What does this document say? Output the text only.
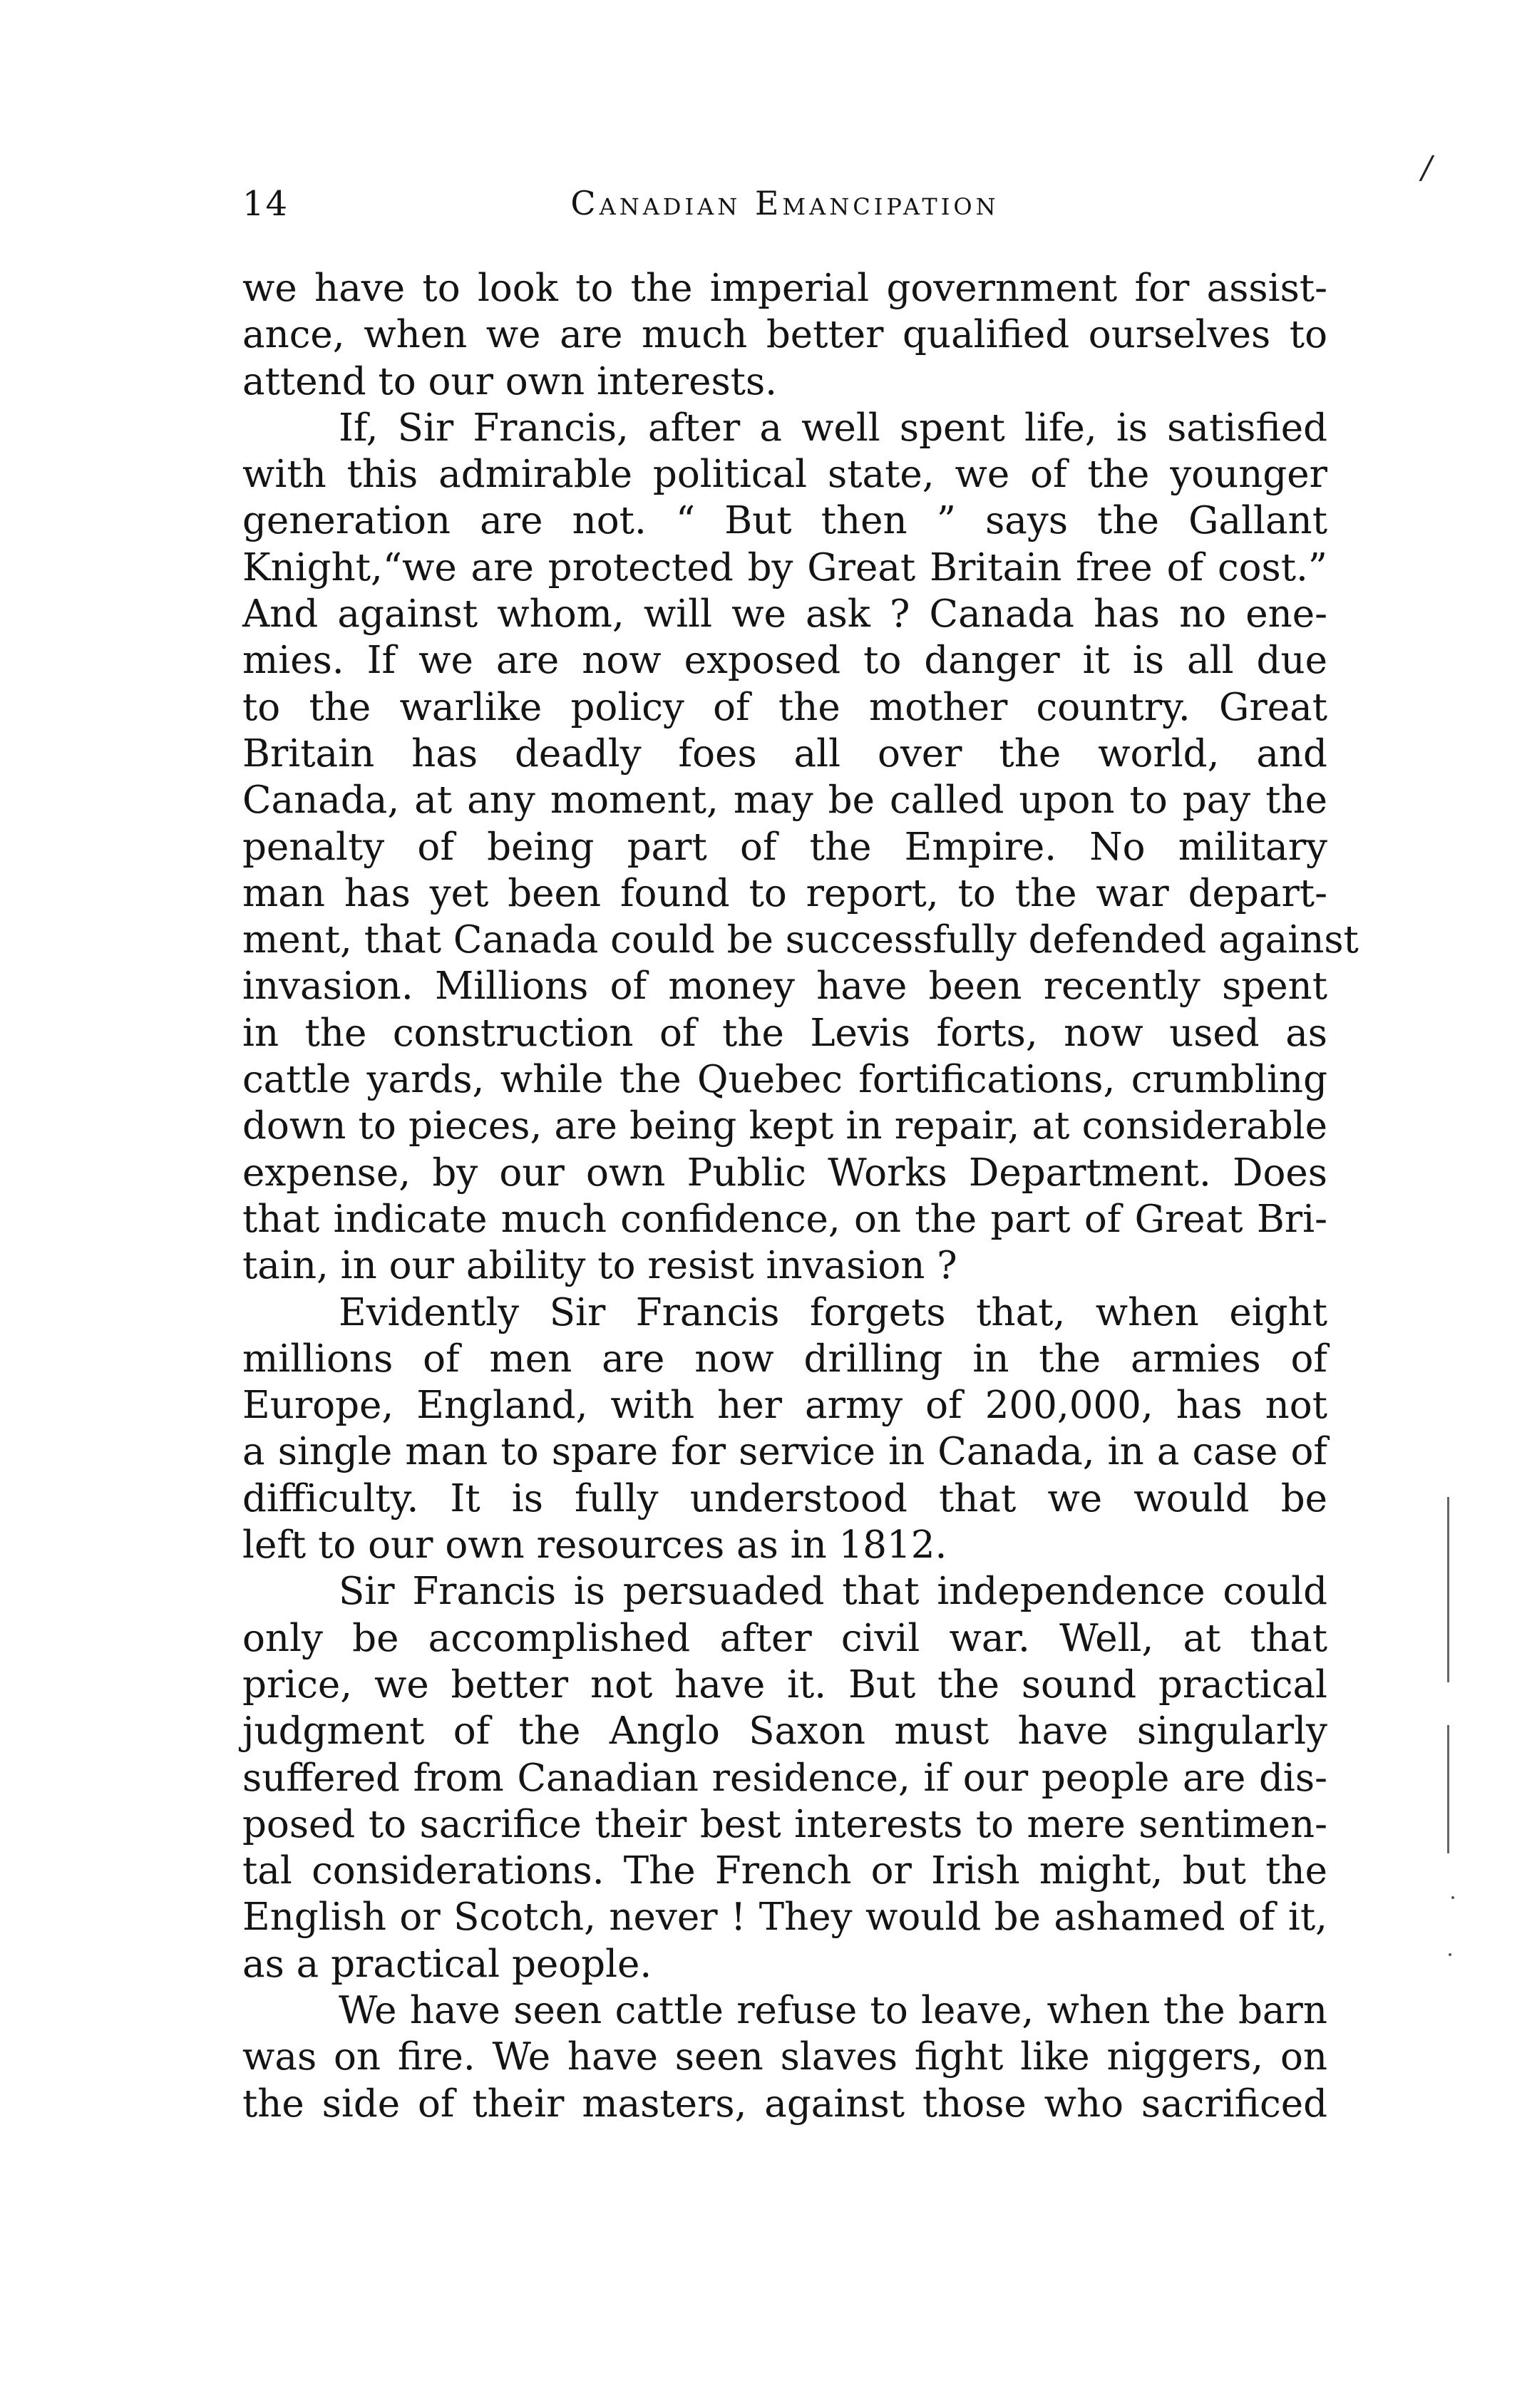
/
14	Canadian Emancipation
we have to look to the imperial government for assist-
ance, when we are much better qualified ourselves to
attend to our own interests.
If, Sir Francis, after a well spent life, is satisfied
with this admirable political state, we of the younger
generation are not. “ But then ” says the Gallant
Knight,“we are protected by Great Britain free of cost.”
And against whom, will we ask ? Canada has no ene-
mies. If we are now exposed to danger it is all due
to the warlike policy of the mother country. Great
Britain has deadly foes all over the world, and
Canada, at any moment, may be called upon to pay the
penalty of being part of the Empire. No military
man has yet been found to report, to the war depart-
ment, that Canada could be successfully defended against
invasion. Millions of money have been recently spent
in the construction of the Levis forts, now used as
cattle yards, while the Quebec fortifications, crumbling
down to pieces, are being kept in repair, at considerable
expense, by our own Public Works Department. Does
that indicate much confidence, on the part of Great Bri-
tain, in our ability to resist invasion ?
Evidently Sir Francis forgets that, when eight
millions of men are now drilling in the armies of
Europe, England, with her army of 200,000, has not
a single man to spare for service in Canada, in a case of
difficulty. It is fully understood that we would be
left to our own resources as in 1812.
Sir Francis is persuaded that independence could
only be accomplished after civil war. Well, at that
price, we better not have it. But the sound practical
judgment of the Anglo Saxon must have singularly
suffered from Canadian residence, if our people are dis-
posed to sacrifice their best interests to mere sentimen-
tal considerations. The French or Irish might, but the
English or Scotch, never ! They would be ashamed of it,
as a practical people.
We have seen cattle refuse to leave, when the barn
was on fire. We have seen slaves fight like niggers, on
the side of their masters, against those who sacrificed
